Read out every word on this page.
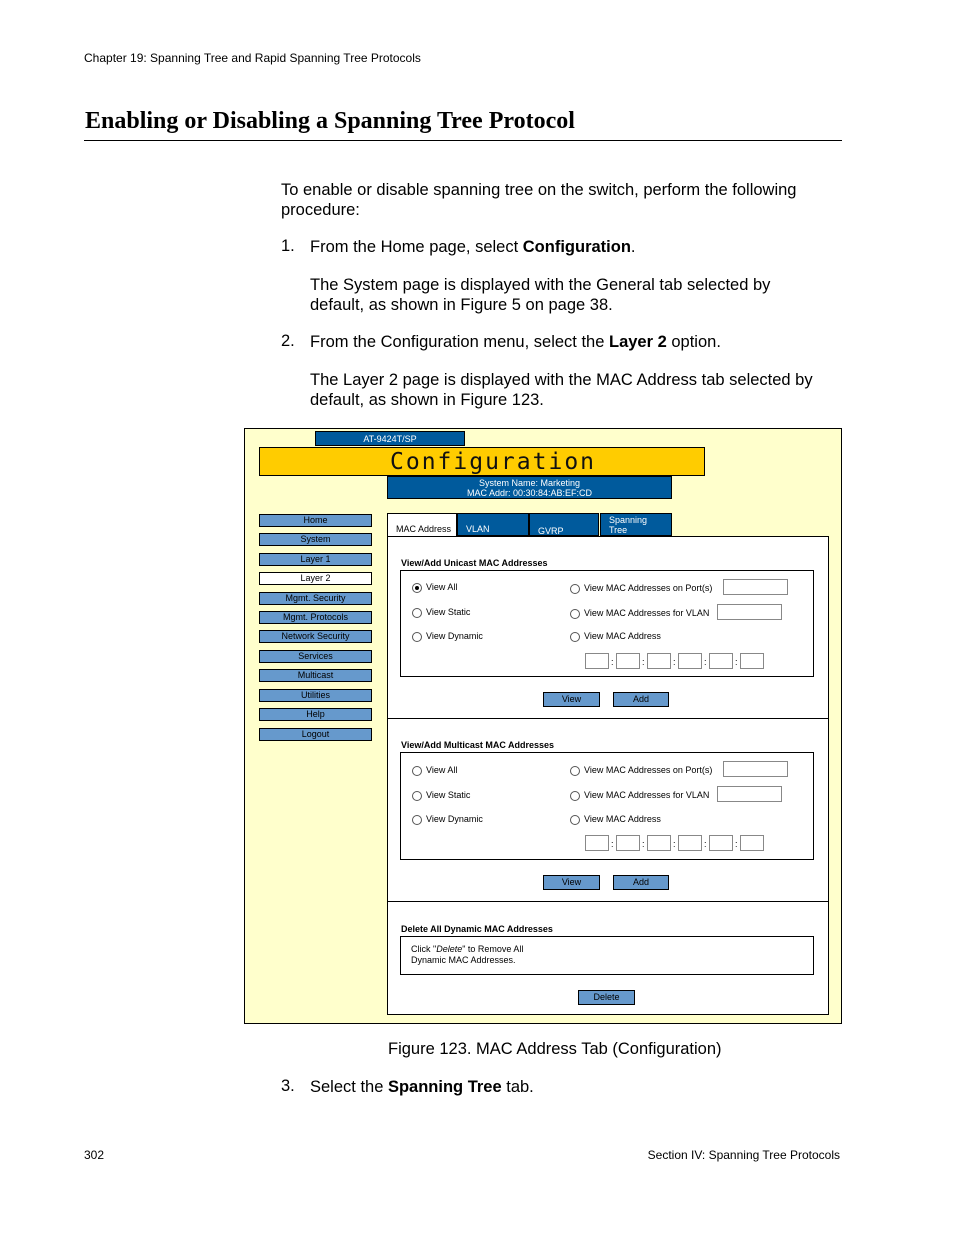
Chapter 19: Spanning Tree and Rapid Spanning Tree Protocols
Enabling or Disabling a Spanning Tree Protocol
To enable or disable spanning tree on the switch, perform the following
procedure:
1. From the Home page, select Configuration.
The System page is displayed with the General tab selected by
default, as shown in Figure 5 on page 38.
2. From the Configuration menu, select the Layer 2 option.
The Layer 2 page is displayed with the MAC Address tab selected by
default, as shown in Figure 123.
AT-9424T/SP
Configuration
System Name: Marketing
MAC Addr: 00:30:84:AB:EF:CD
Home
System
Layer 1
Layer 2
Mgmt. Security
Mgmt. Protocols
Network Security
Services
Multicast
Utilities
Help
Logout
MAC Address	VLAN	GVRP
Spanning
Tree
View/Add Unicast MAC Addresses
View All
View Static
View Dynamic
View MAC Addresses on Port(s)
View MAC Addresses for VLAN
View MAC Address
:	:	:	:	:
View	Add
View/Add Multicast MAC Addresses
View All
View Static
View Dynamic
View MAC Addresses on Port(s)
View MAC Addresses for VLAN
View MAC Address
:	:	:	:	:
View	Add
Delete All Dynamic MAC Addresses
Click "Delete" to Remove All
Dynamic MAC Addresses.
Delete
Figure 123. MAC Address Tab (Configuration)
3. Select the Spanning Tree tab.
302	Section IV: Spanning Tree Protocols
